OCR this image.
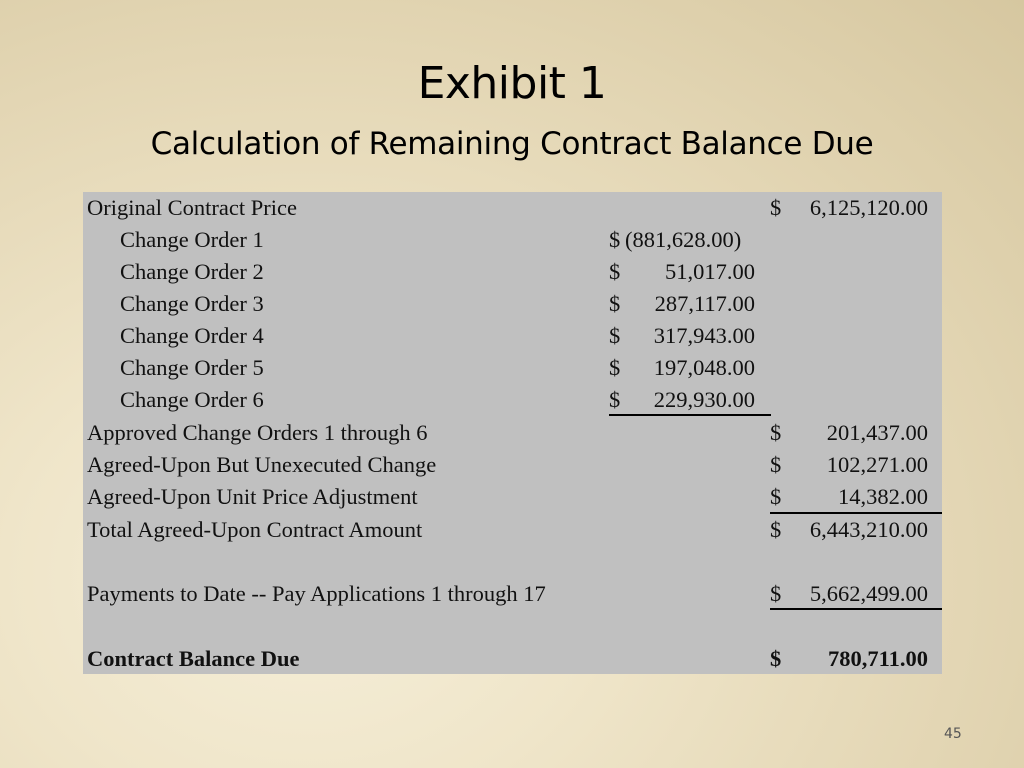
Exhibit 1
Calculation of Remaining Contract Balance Due
Original Contract Price	$ 6,125,120.00
Change Order 1	$ (881,628.00)
Change Order 2	$ 51,017.00
Change Order 3	$ 287,117.00
Change Order 4	$ 317,943.00
Change Order 5	$ 197,048.00
Change Order 6	$ 229,930.00
Approved Change Orders 1 through 6	$ 201,437.00
Agreed-Upon But Unexecuted Change	$ 102,271.00
Agreed-Upon Unit Price Adjustment	$	14,382.00
Total Agreed-Upon Contract Amount	$ 6,443,210.00
Payments to Date -- Pay Applications 1 through 17	$ 5,662,499.00
Contract Balance Due	$ 780,711.00
45
